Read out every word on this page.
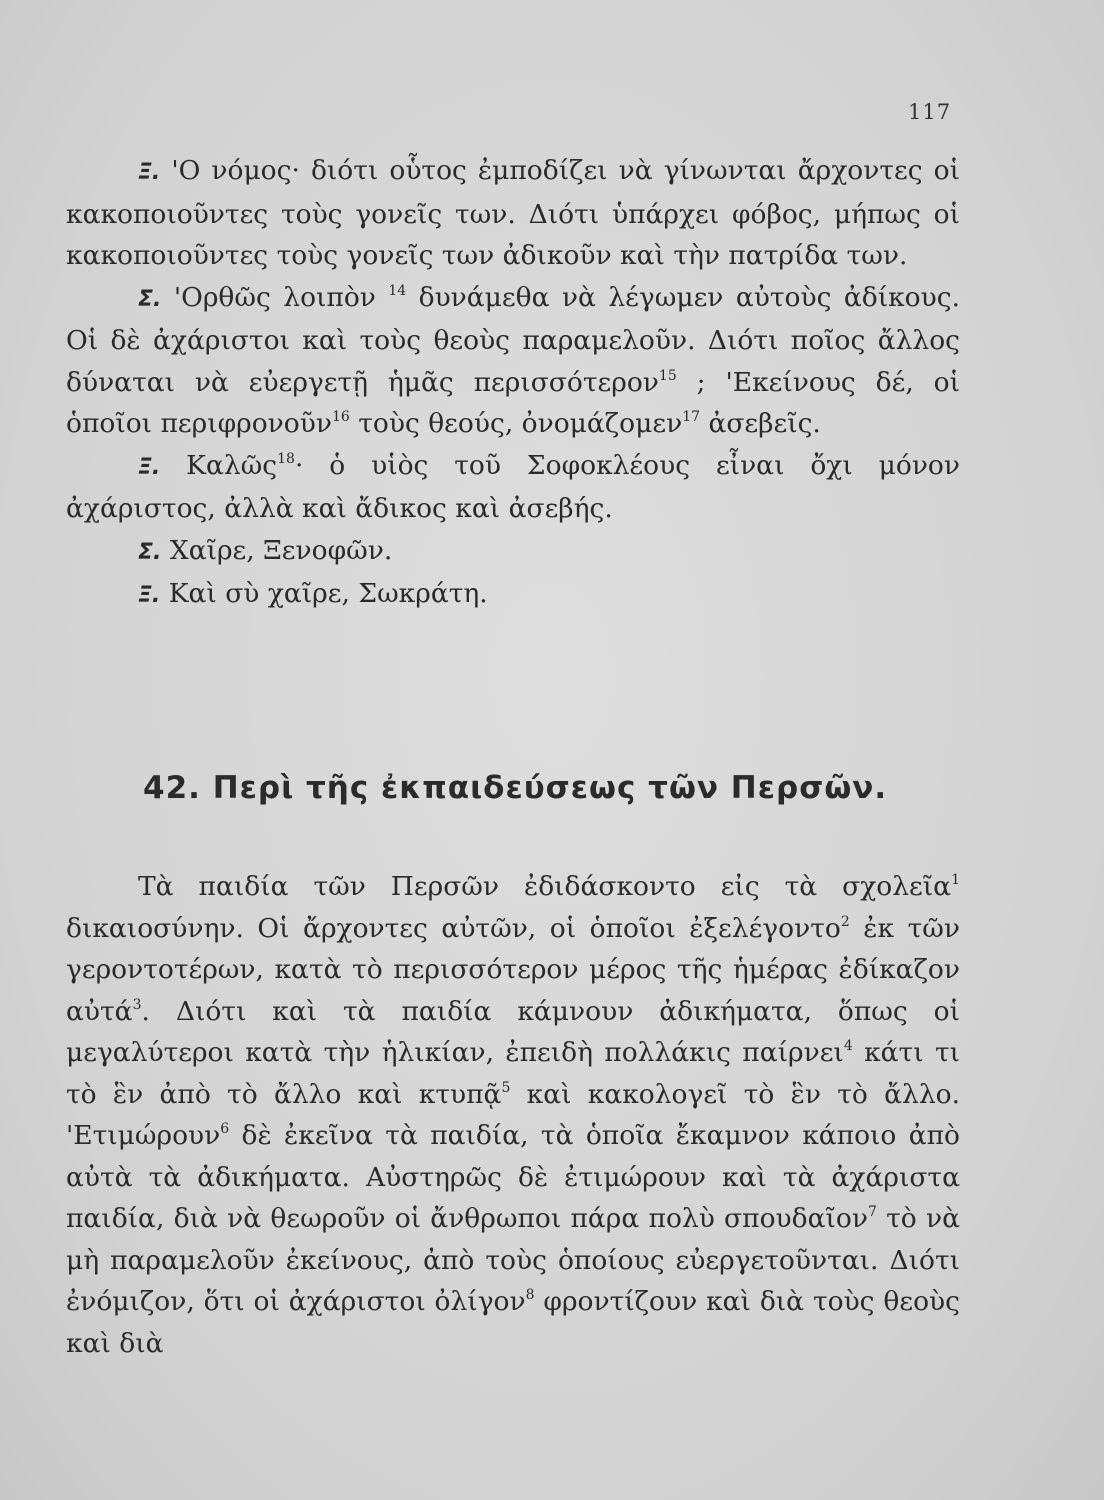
117

Ξ. 'Ο νόμος· διότι οὗτος ἐμποδίζει νὰ γίνωνται ἄρχοντες οἱ κακοποιοῦντες τοὺς γονεῖς των. Διότι ὑπάρχει φόβος, μήπως οἱ κακοποιοῦντες τοὺς γονεῖς των ἀδικοῦν καὶ τὴν πατρίδα των.

Σ. 'Ορθῶς λοιπὸν $^{14}$ δυνάμεθα νὰ λέγωμεν αὐτοὺς ἀδίκους. Οἱ δὲ ἀχάριστοι καὶ τοὺς θεοὺς παραμελοῦν. Διότι ποῖος ἄλλος δύναται νὰ εὐεργετῇ ἡμᾶς περισσότερον$^{15}$ ; 'Εκείνους δέ, οἱ ὁποῖοι περιφρονοῦν$^{16}$ τοὺς θεούς, ὀνομάζομεν$^{17}$ ἀσεβεῖς.

Ξ. Καλῶς$^{18}$· ὁ υἱὸς τοῦ Σοφοκλέους εἶναι ὄχι μόνον ἀχάριστος, ἀλλὰ καὶ ἄδικος καὶ ἀσεβής.

Σ. Χαῖρε, Ξενοφῶν.

Ξ. Καὶ σὺ χαῖρε, Σωκράτη.

42. Περὶ τῆς ἐκπαιδεύσεως τῶν Περσῶν.

Τὰ παιδία τῶν Περσῶν ἐδιδάσκοντο εἰς τὰ σχολεῖα$^1$ δικαιοσύνην. Οἱ ἄρχοντες αὐτῶν, οἱ ὁποῖοι ἐξελέγοντο$^2$ ἐκ τῶν γεροντοτέρων, κατὰ τὸ περισσότερον μέρος τῆς ἡμέρας ἐδίκαζον αὐτά$^3$. Διότι καὶ τὰ παιδία κάμνουν ἀδικήματα, ὅπως οἱ μεγαλύτεροι κατὰ τὴν ἡλικίαν, ἐπειδὴ πολλάκις παίρνει$^4$ κάτι τι τὸ ἓν ἀπὸ τὸ ἄλλο καὶ κτυπᾷ$^5$ καὶ κακολογεῖ τὸ ἓν τὸ ἄλλο. 'Ετιμώρουν$^6$ δὲ ἐκεῖνα τὰ παιδία, τὰ ὁποῖα ἔκαμνον κάποιο ἀπὸ αὐτὰ τὰ ἀδικήματα. Αὐστηρῶς δὲ ἐτιμώρουν καὶ τὰ ἀχάριστα παιδία, διὰ νὰ θεωροῦν οἱ ἄνθρωποι πάρα πολὺ σπουδαῖον$^7$ τὸ νὰ μὴ παραμελοῦν ἐκείνους, ἀπὸ τοὺς ὁποίους εὐεργετοῦνται. Διότι ἐνόμιζον, ὅτι οἱ ἀχάριστοι ὀλίγον$^8$ φροντίζουν καὶ διὰ τοὺς θεοὺς καὶ διὰ
